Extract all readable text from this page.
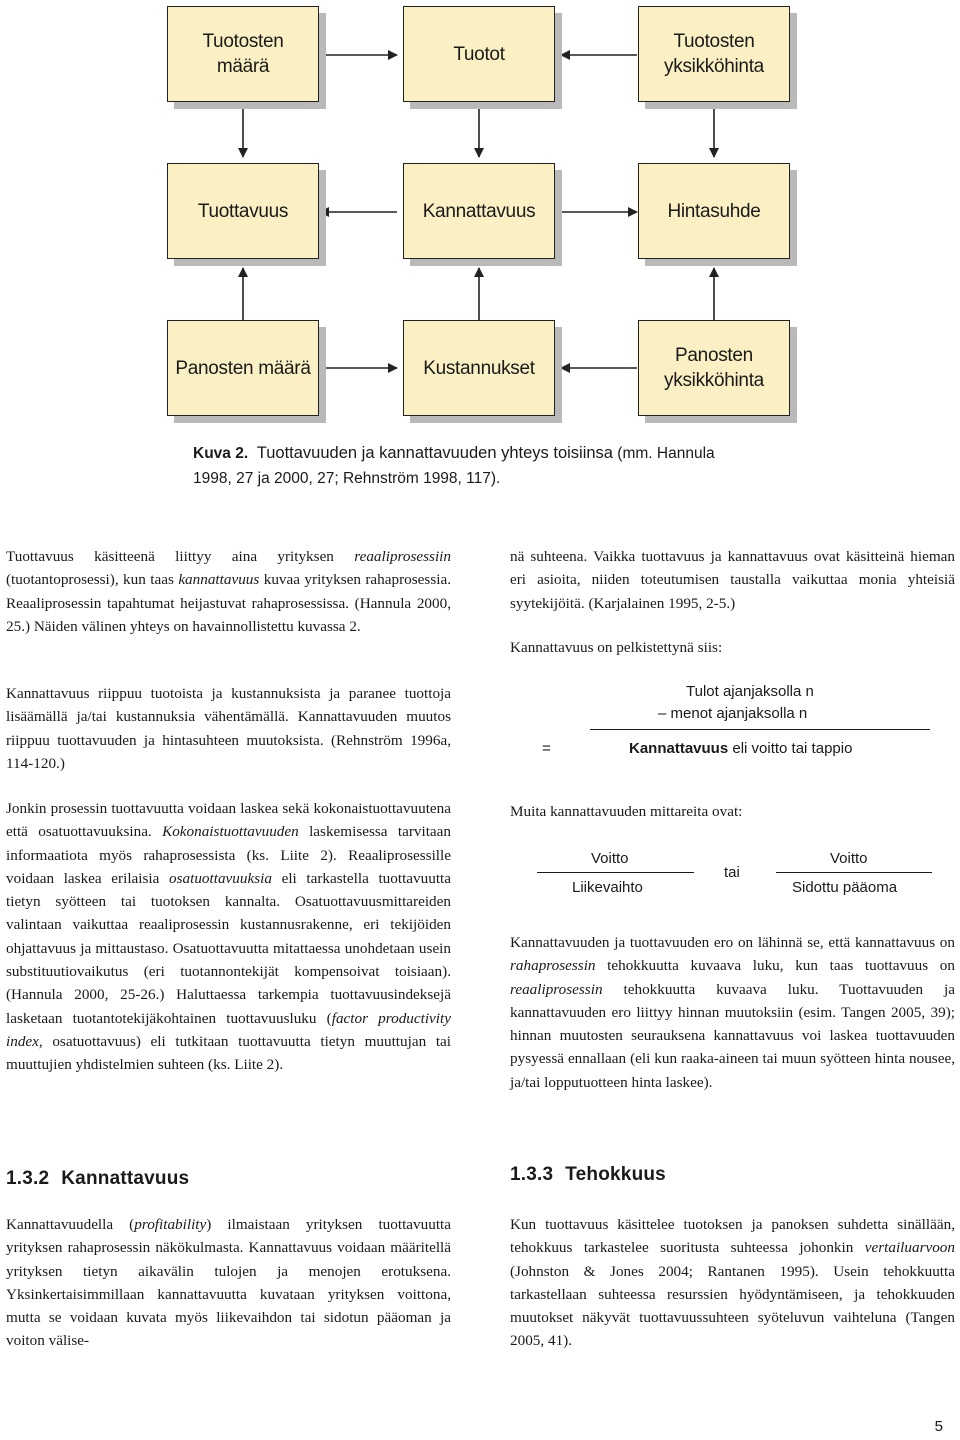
Tuotosten
määrä
Tuotot
Tuotosten
yksikköhinta
Tuottavuus	Kannattavuus	Hintasuhde
Panosten määrä	Kustannukset
Panosten
yksikköhinta
Kuva 2. Tuottavuuden ja kannattavuuden yhteys toisiinsa (mm. Hannula
1998, 27 ja 2000, 27; Rehnström 1998, 117).

Tuottavuus käsitteenä liittyy aina yrityksen reaaliprosessiin (tuotantoprosessi), kun taas kannattavuus kuvaa yrityksen rahaprosessia. Reaaliprosessin tapahtumat heijastuvat rahaprosessissa. (Hannula 2000, 25.) Näiden välinen yhteys on havainnollistettu kuvassa 2.

Kannattavuus riippuu tuotoista ja kustannuksista ja paranee tuottoja lisäämällä ja/tai kustannuksia vähentämällä. Kannattavuuden muutos riippuu tuottavuuden ja hintasuhteen muutoksista. (Rehnström 1996a, 114-120.)

Jonkin prosessin tuottavuutta voidaan laskea sekä kokonaistuottavuutena että osatuottavuuksina. Kokonaistuottavuuden laskemisessa tarvitaan informaatiota myös rahaprosessista (ks. Liite 2). Reaaliprosessille voidaan laskea erilaisia osatuottavuuksia eli tarkastella tuottavuutta tietyn syötteen tai tuotoksen kannalta. Osatuottavuusmittareiden valintaan vaikuttaa reaaliprosessin kustannusrakenne, eri tekijöiden ohjattavuus ja mittaustaso. Osatuottavuutta mitattaessa unohdetaan usein substituutiovaikutus (eri tuotannontekijät kompensoivat toisiaan). (Hannula 2000, 25-26.) Haluttaessa tarkempia tuottavuusindeksejä lasketaan tuotantotekijäkohtainen tuottavuusluku (factor productivity index, osatuottavuus) eli tutkitaan tuottavuutta tietyn muuttujan tai muuttujien yhdistelmien suhteen (ks. Liite 2).

1.3.2 Kannattavuus

Kannattavuudella (profitability) ilmaistaan yrityksen tuottavuutta yrityksen rahaprosessin näkökulmasta. Kannattavuus voidaan määritellä yrityksen tietyn aikavälin tulojen ja menojen erotuksena. Yksinkertaisimmillaan kannattavuutta kuvataan yrityksen voittona, mutta se voidaan kuvata myös liikevaihdon tai sidotun pääoman ja voiton välise-

nä suhteena. Vaikka tuottavuus ja kannattavuus ovat käsitteinä hieman eri asioita, niiden toteutumisen taustalla vaikuttaa monia yhteisiä syytekijöitä. (Karjalainen 1995, 2-5.)

Kannattavuus on pelkistettynä siis:

Tulot ajanjaksolla n
– menot ajanjaksolla n
=	Kannattavuus eli voitto tai tappio

Muita kannattavuuden mittareita ovat:

Voitto
Liikevaihto
tai
Voitto
Sidottu pääoma

Kannattavuuden ja tuottavuuden ero on lähinnä se, että kannattavuus on rahaprosessin tehokkuutta kuvaava luku, kun taas tuottavuus on reaaliprosessin tehokkuutta kuvaava luku. Tuottavuuden ja kannattavuuden ero liittyy hinnan muutoksiin (esim. Tangen 2005, 39); hinnan muutosten seurauksena kannattavuus voi laskea tuottavuuden pysyessä ennallaan (eli kun raaka-aineen tai muun syötteen hinta nousee, ja/tai lopputuotteen hinta laskee).

1.3.3 Tehokkuus

Kun tuottavuus käsittelee tuotoksen ja panoksen suhdetta sinällään, tehokkuus tarkastelee suoritusta suhteessa johonkin vertailuarvoon (Johnston & Jones 2004; Rantanen 1995). Usein tehokkuutta tarkastellaan suhteessa resurssien hyödyntämiseen, ja tehokkuuden muutokset näkyvät tuottavuussuhteen syöteluvun vaihteluna (Tangen 2005, 41).

5
